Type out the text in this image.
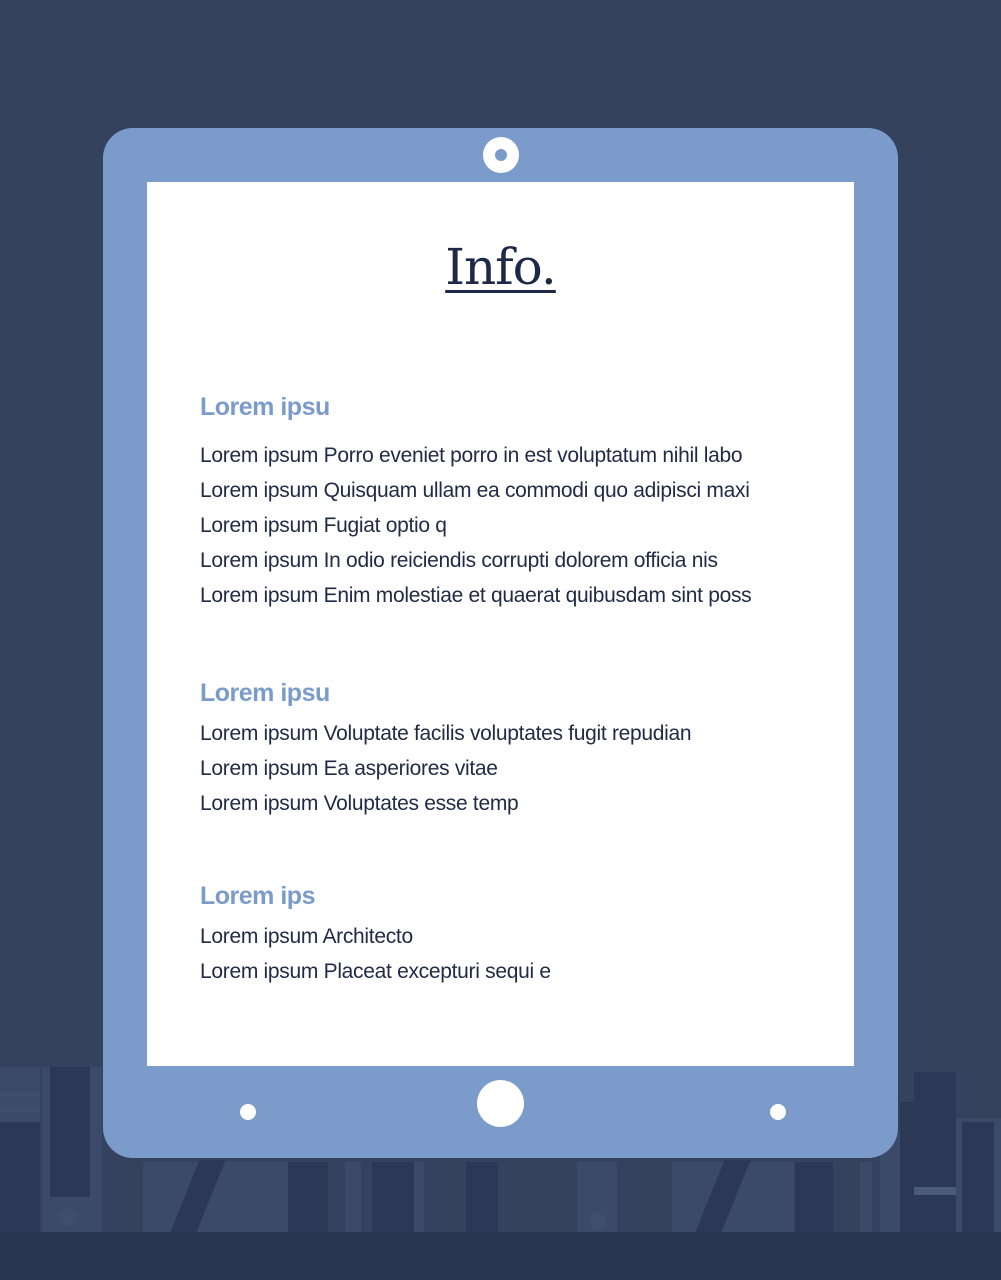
Info.
Lorem ipsu
Lorem ipsum Porro eveniet porro in est voluptatum nihil labo
Lorem ipsum Quisquam ullam ea commodi quo adipisci maxi
Lorem ipsum Fugiat optio q
Lorem ipsum In odio reiciendis corrupti dolorem officia nis
Lorem ipsum Enim molestiae et quaerat quibusdam sint poss
Lorem ipsu
Lorem ipsum Voluptate facilis voluptates fugit repudian
Lorem ipsum Ea asperiores vitae
Lorem ipsum Voluptates esse temp
Lorem ips
Lorem ipsum Architecto
Lorem ipsum Placeat excepturi sequi e
